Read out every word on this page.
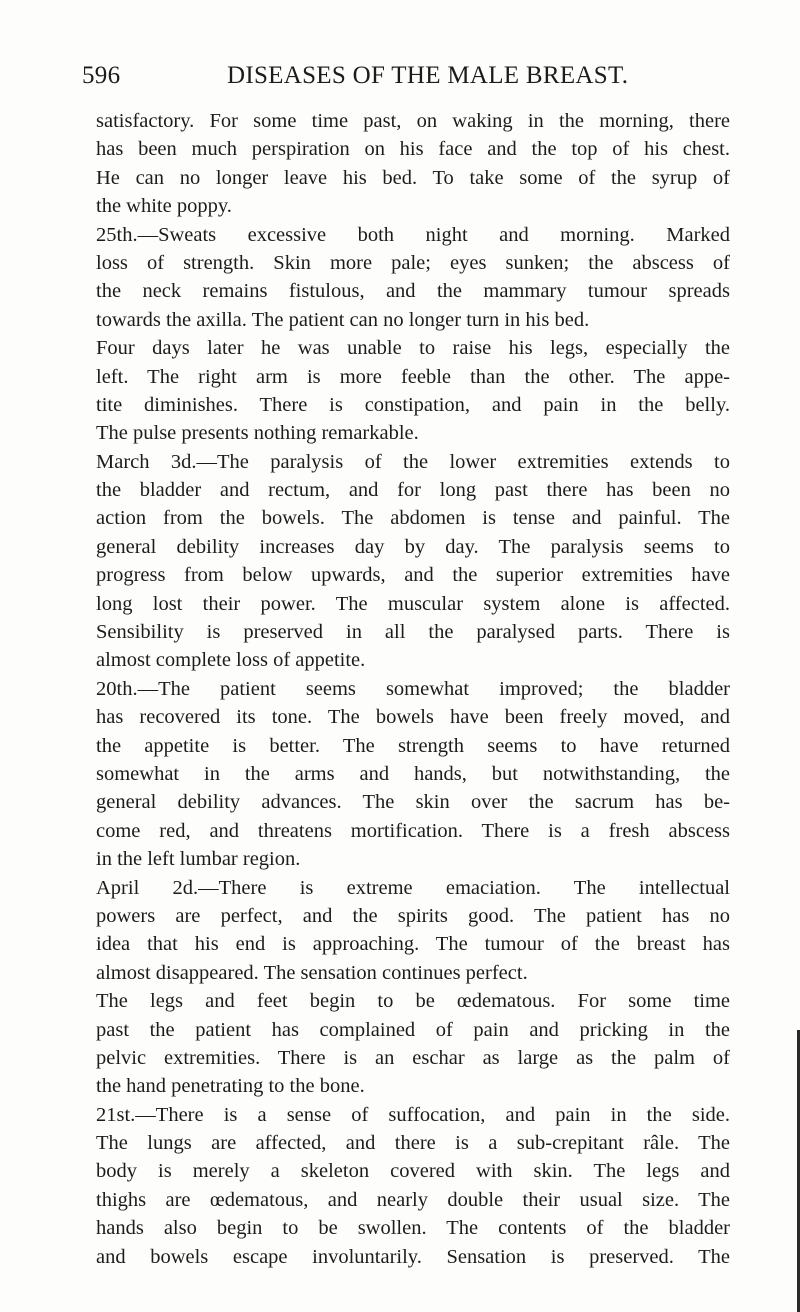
596	DISEASES OF THE MALE BREAST.
satisfactory. For some time past, on waking in the morning, there
has been much perspiration on his face and the top of his chest.
He can no longer leave his bed. To take some of the syrup of
the white poppy.
25th.—Sweats excessive both night and morning. Marked
loss of strength. Skin more pale; eyes sunken; the abscess of
the neck remains fistulous, and the mammary tumour spreads
towards the axilla. The patient can no longer turn in his bed.
Four days later he was unable to raise his legs, especially the
left. The right arm is more feeble than the other. The appe-
tite diminishes. There is constipation, and pain in the belly.
The pulse presents nothing remarkable.
March 3d.—The paralysis of the lower extremities extends to
the bladder and rectum, and for long past there has been no
action from the bowels. The abdomen is tense and painful. The
general debility increases day by day. The paralysis seems to
progress from below upwards, and the superior extremities have
long lost their power. The muscular system alone is affected.
Sensibility is preserved in all the paralysed parts. There is
almost complete loss of appetite.
20th.—The patient seems somewhat improved; the bladder
has recovered its tone. The bowels have been freely moved, and
the appetite is better. The strength seems to have returned
somewhat in the arms and hands, but notwithstanding, the
general debility advances. The skin over the sacrum has be-
come red, and threatens mortification. There is a fresh abscess
in the left lumbar region.
April 2d.—There is extreme emaciation. The intellectual
powers are perfect, and the spirits good. The patient has no
idea that his end is approaching. The tumour of the breast has
almost disappeared. The sensation continues perfect.
The legs and feet begin to be œdematous. For some time
past the patient has complained of pain and pricking in the
pelvic extremities. There is an eschar as large as the palm of
the hand penetrating to the bone.
21st.—There is a sense of suffocation, and pain in the side.
The lungs are affected, and there is a sub-crepitant râle. The
body is merely a skeleton covered with skin. The legs and
thighs are œdematous, and nearly double their usual size. The
hands also begin to be swollen. The contents of the bladder
and bowels escape involuntarily. Sensation is preserved. The
